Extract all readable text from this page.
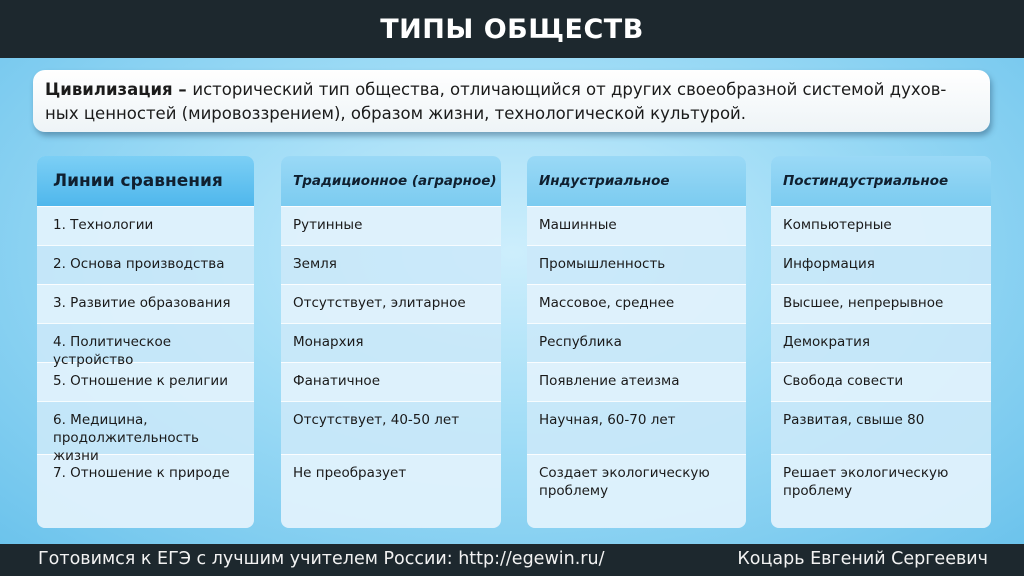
ТИПЫ ОБЩЕСТВ
Цивилизация – исторический тип общества, отличающийся от других своеобразной системой духов- ных ценностей (мировоззрением), образом жизни, технологической культурой.
Линии сравнения
1. Технологии
2. Основа производства
3. Развитие образования
4. Политическое устройство
5. Отношение к религии
6. Медицина, продолжительность жизни
7. Отношение к природе
Традиционное (аграрное)
Рутинные
Земля
Отсутствует, элитарное
Монархия
Фанатичное
Отсутствует, 40-50 лет
Не преобразует
Индустриальное
Машинные
Промышленность
Массовое, среднее
Республика
Появление атеизма
Научная, 60-70 лет
Создает экологическую проблему
Постиндустриальное
Компьютерные
Информация
Высшее, непрерывное
Демократия
Свобода совести
Развитая, свыше 80
Решает экологическую проблему
Готовимся к ЕГЭ с лучшим учителем России: http://egewin.ru/	Коцарь Евгений Сергеевич
